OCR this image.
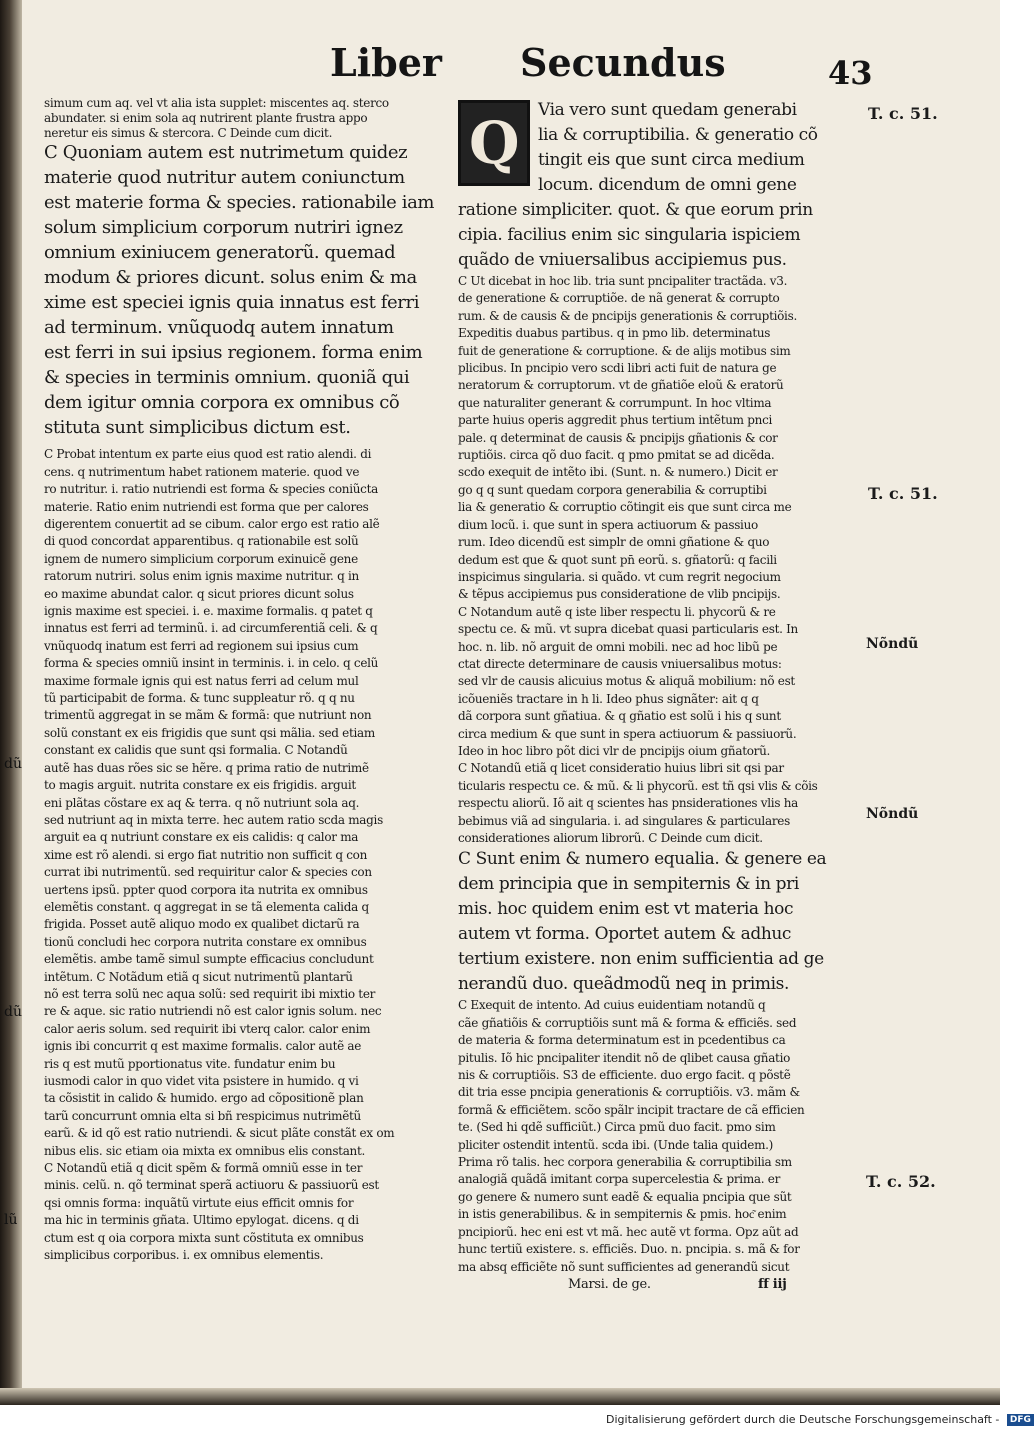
Liber Secundus	43

simum cum aq. vel vt alia ista supplet: miscentes aq. sterco

abundater. si enim sola aq nutrirent plante frustra appo

neretur eis simus & stercora. C Deinde cum dicit.

C Quoniam autem est nutrimetum quidez

materie quod nutritur autem coniunctum

est materie forma & species. rationabile iam

solum simplicium corporum nutriri ignez

omnium exiniucem generatorũ. quemad

modum & priores dicunt. solus enim & ma

xime est speciei ignis quia innatus est ferri

ad terminum. vnũquodq autem innatum

est ferri in sui ipsius regionem. forma enim

& species in terminis omnium. quoniã qui

dem igitur omnia corpora ex omnibus cõ

stituta sunt simplicibus dictum est.

C Probat intentum ex parte eius quod est ratio alendi. di

cens. q nutrimentum habet rationem materie. quod ve

ro nutritur. i. ratio nutriendi est forma & species coniũcta

materie. Ratio enim nutriendi est forma que per calores

digerentem conuertit ad se cibum. calor ergo est ratio alẽ

di quod concordat apparentibus. q rationabile est solũ

ignem de numero simplicium corporum exinuicẽ gene

ratorum nutriri. solus enim ignis maxime nutritur. q in

eo maxime abundat calor. q sicut priores dicunt solus

ignis maxime est speciei. i. e. maxime formalis. q patet q

innatus est ferri ad terminũ. i. ad circumferentiã celi. & q

vnũquodq inatum est ferri ad regionem sui ipsius cum

forma & species omniũ insint in terminis. i. in celo. q celũ

maxime formale ignis qui est natus ferri ad celum mul

tũ participabit de forma. & tunc suppleatur rõ. q q nu

trimentũ aggregat in se mãm & formã: que nutriunt non

solũ constant ex eis frigidis que sunt qsi mãlia. sed etiam

constant ex calidis que sunt qsi formalia. C Notandũ

autẽ has duas rões sic se hẽre. q prima ratio de nutrimẽ

to magis arguit. nutrita constare ex eis frigidis. arguit

eni plãtas cõstare ex aq & terra. q nõ nutriunt sola aq.

sed nutriunt aq in mixta terre. hec autem ratio scda magis

arguit ea q nutriunt constare ex eis calidis: q calor ma

xime est rõ alendi. si ergo fiat nutritio non sufficit q con

currat ibi nutrimentũ. sed requiritur calor & species con

uertens ipsũ. ppter quod corpora ita nutrita ex omnibus

elemẽtis constant. q aggregat in se tã elementa calida q

frigida. Posset autẽ aliquo modo ex qualibet dictarũ ra

tionũ concludi hec corpora nutrita constare ex omnibus

elemẽtis. ambe tamẽ simul sumpte efficacius concludunt

intẽtum. C Notãdum etiã q sicut nutrimentũ plantarũ

nõ est terra solũ nec aqua solũ: sed requirit ibi mixtio ter

re & aque. sic ratio nutriendi nõ est calor ignis solum. nec

calor aeris solum. sed requirit ibi vterq calor. calor enim

ignis ibi concurrit q est maxime formalis. calor autẽ ae

ris q est mutũ pportionatus vite. fundatur enim bu

iusmodi calor in quo videt vita psistere in humido. q vi

ta cõsistit in calido & humido. ergo ad cõpositionẽ plan

tarũ concurrunt omnia elta si bñ respicimus nutrimẽtũ

earũ. & id qõ est ratio nutriendi. & sicut plãte constãt ex om

nibus elis. sic etiam oia mixta ex omnibus elis constant.

C Notandũ etiã q dicit spẽm & formã omniũ esse in ter

minis. celũ. n. qõ terminat sperã actiuoru & passiuorũ est

qsi omnis forma: inquãtũ virtute eius efficit omnis for

ma hic in terminis gñata. Ultimo epylogat. dicens. q di

ctum est q oia corpora mixta sunt cõstituta ex omnibus

simplicibus corporibus. i. ex omnibus elementis.

Q	Via vero sunt quedam generabi

lia & corruptibilia. & generatio cõ

tingit eis que sunt circa medium

locum. dicendum de omni gene

ratione simpliciter. quot. & que eorum prin

cipia. facilius enim sic singularia ispiciem

quãdo de vniuersalibus accipiemus pus.

C Ut dicebat in hoc lib. tria sunt pncipaliter tractãda. v3.

de generatione & corruptiõe. de nã generat & corrupto

rum. & de causis & de pncipijs generationis & corruptiõis.

Expeditis duabus partibus. q in pmo lib. determinatus

fuit de generatione & corruptione. & de alijs motibus sim

plicibus. In pncipio vero scdi libri acti fuit de natura ge

neratorum & corruptorum. vt de gñatiõe eloũ & eratorũ

que naturaliter generant & corrumpunt. In hoc vltima

parte huius operis aggredit phus tertium intẽtum pnci

pale. q determinat de causis & pncipijs gñationis & cor

ruptiõis. circa qõ duo facit. q pmo pmitat se ad dicẽda.

scdo exequit de intẽto ibi. (Sunt. n. & numero.) Dicit er

go q q sunt quedam corpora generabilia & corruptibi

lia & generatio & corruptio cõtingit eis que sunt circa me

dium locũ. i. que sunt in spera actiuorum & passiuo

rum. Ideo dicendũ est simplr de omni gñatione & quo

dedum est que & quot sunt pn̄ eorũ. s. gñatorũ: q facili

inspicimus singularia. si quãdo. vt cum regrit negocium

& tẽpus accipiemus pus consideratione de vlib pncipijs.

C Notandum autẽ q iste liber respectu li. phycorũ & re

spectu ce. & mũ. vt supra dicebat quasi particularis est. In

hoc. n. lib. nõ arguit de omni mobili. nec ad hoc libũ pe

ctat directe determinare de causis vniuersalibus motus:

sed vlr de causis alicuius motus & aliquã mobilium: nõ est

icõueniẽs tractare in h li. Ideo phus signãter: ait q q

dã corpora sunt gñatiua. & q gñatio est solũ i his q sunt

circa medium & que sunt in spera actiuorum & passiuorũ.

Ideo in hoc libro põt dici vlr de pncipijs oium gñatorũ.

C Notandũ etiã q licet consideratio huius libri sit qsi par

ticularis respectu ce. & mũ. & li phycorũ. est tñ qsi vlis & cõis

respectu aliorũ. Iõ ait q scientes has pnsiderationes vlis ha

bebimus viã ad singularia. i. ad singulares & particulares

considerationes aliorum librorũ. C Deinde cum dicit.

C Sunt enim & numero equalia. & genere ea

dem principia que in sempiternis & in pri

mis. hoc quidem enim est vt materia hoc

autem vt forma. Oportet autem & adhuc

tertium existere. non enim sufficientia ad ge

nerandũ duo. queãdmodũ neq in primis.

C Exequit de intento. Ad cuius euidentiam notandũ q

cãe gñatiõis & corruptiõis sunt mã & forma & efficiẽs. sed

de materia & forma determinatum est in pcedentibus ca

pitulis. Iõ hic pncipaliter itendit nõ de qlibet causa gñatio

nis & corruptiõis. S3 de efficiente. duo ergo facit. q põstẽ

dit tria esse pncipia generationis & corruptiõis. v3. mãm &

formã & efficiẽtem. scõo spãlr incipit tractare de cã efficien

te. (Sed hi qdẽ sufficiũt.) Circa pmũ duo facit. pmo sim

pliciter ostendit intentũ. scda ibi. (Unde talia quidem.)

Prima rõ talis. hec corpora generabilia & corruptibilia sm

analogiã quãdã imitant corpa supercelestia & prima. er

go genere & numero sunt eadẽ & equalia pncipia que sũt

in istis generabilibus. & in sempiternis & pmis. hoc͂ enim

pncipiorũ. hec eni est vt mã. hec autẽ vt forma. Opz aũt ad

hunc tertiũ existere. s. efficiẽs. Duo. n. pncipia. s. mã & for

ma absq efficiẽte nõ sunt sufficientes ad generandũ sicut

Marsi. de ge.	ff iij
T. c. 51.
T. c. 51.
Nõndũ
Nõndũ
T. c. 52.
dũ
dũ
lũ
Digitalisierung gefördert durch die Deutsche Forschungsgemeinschaft - DFG
